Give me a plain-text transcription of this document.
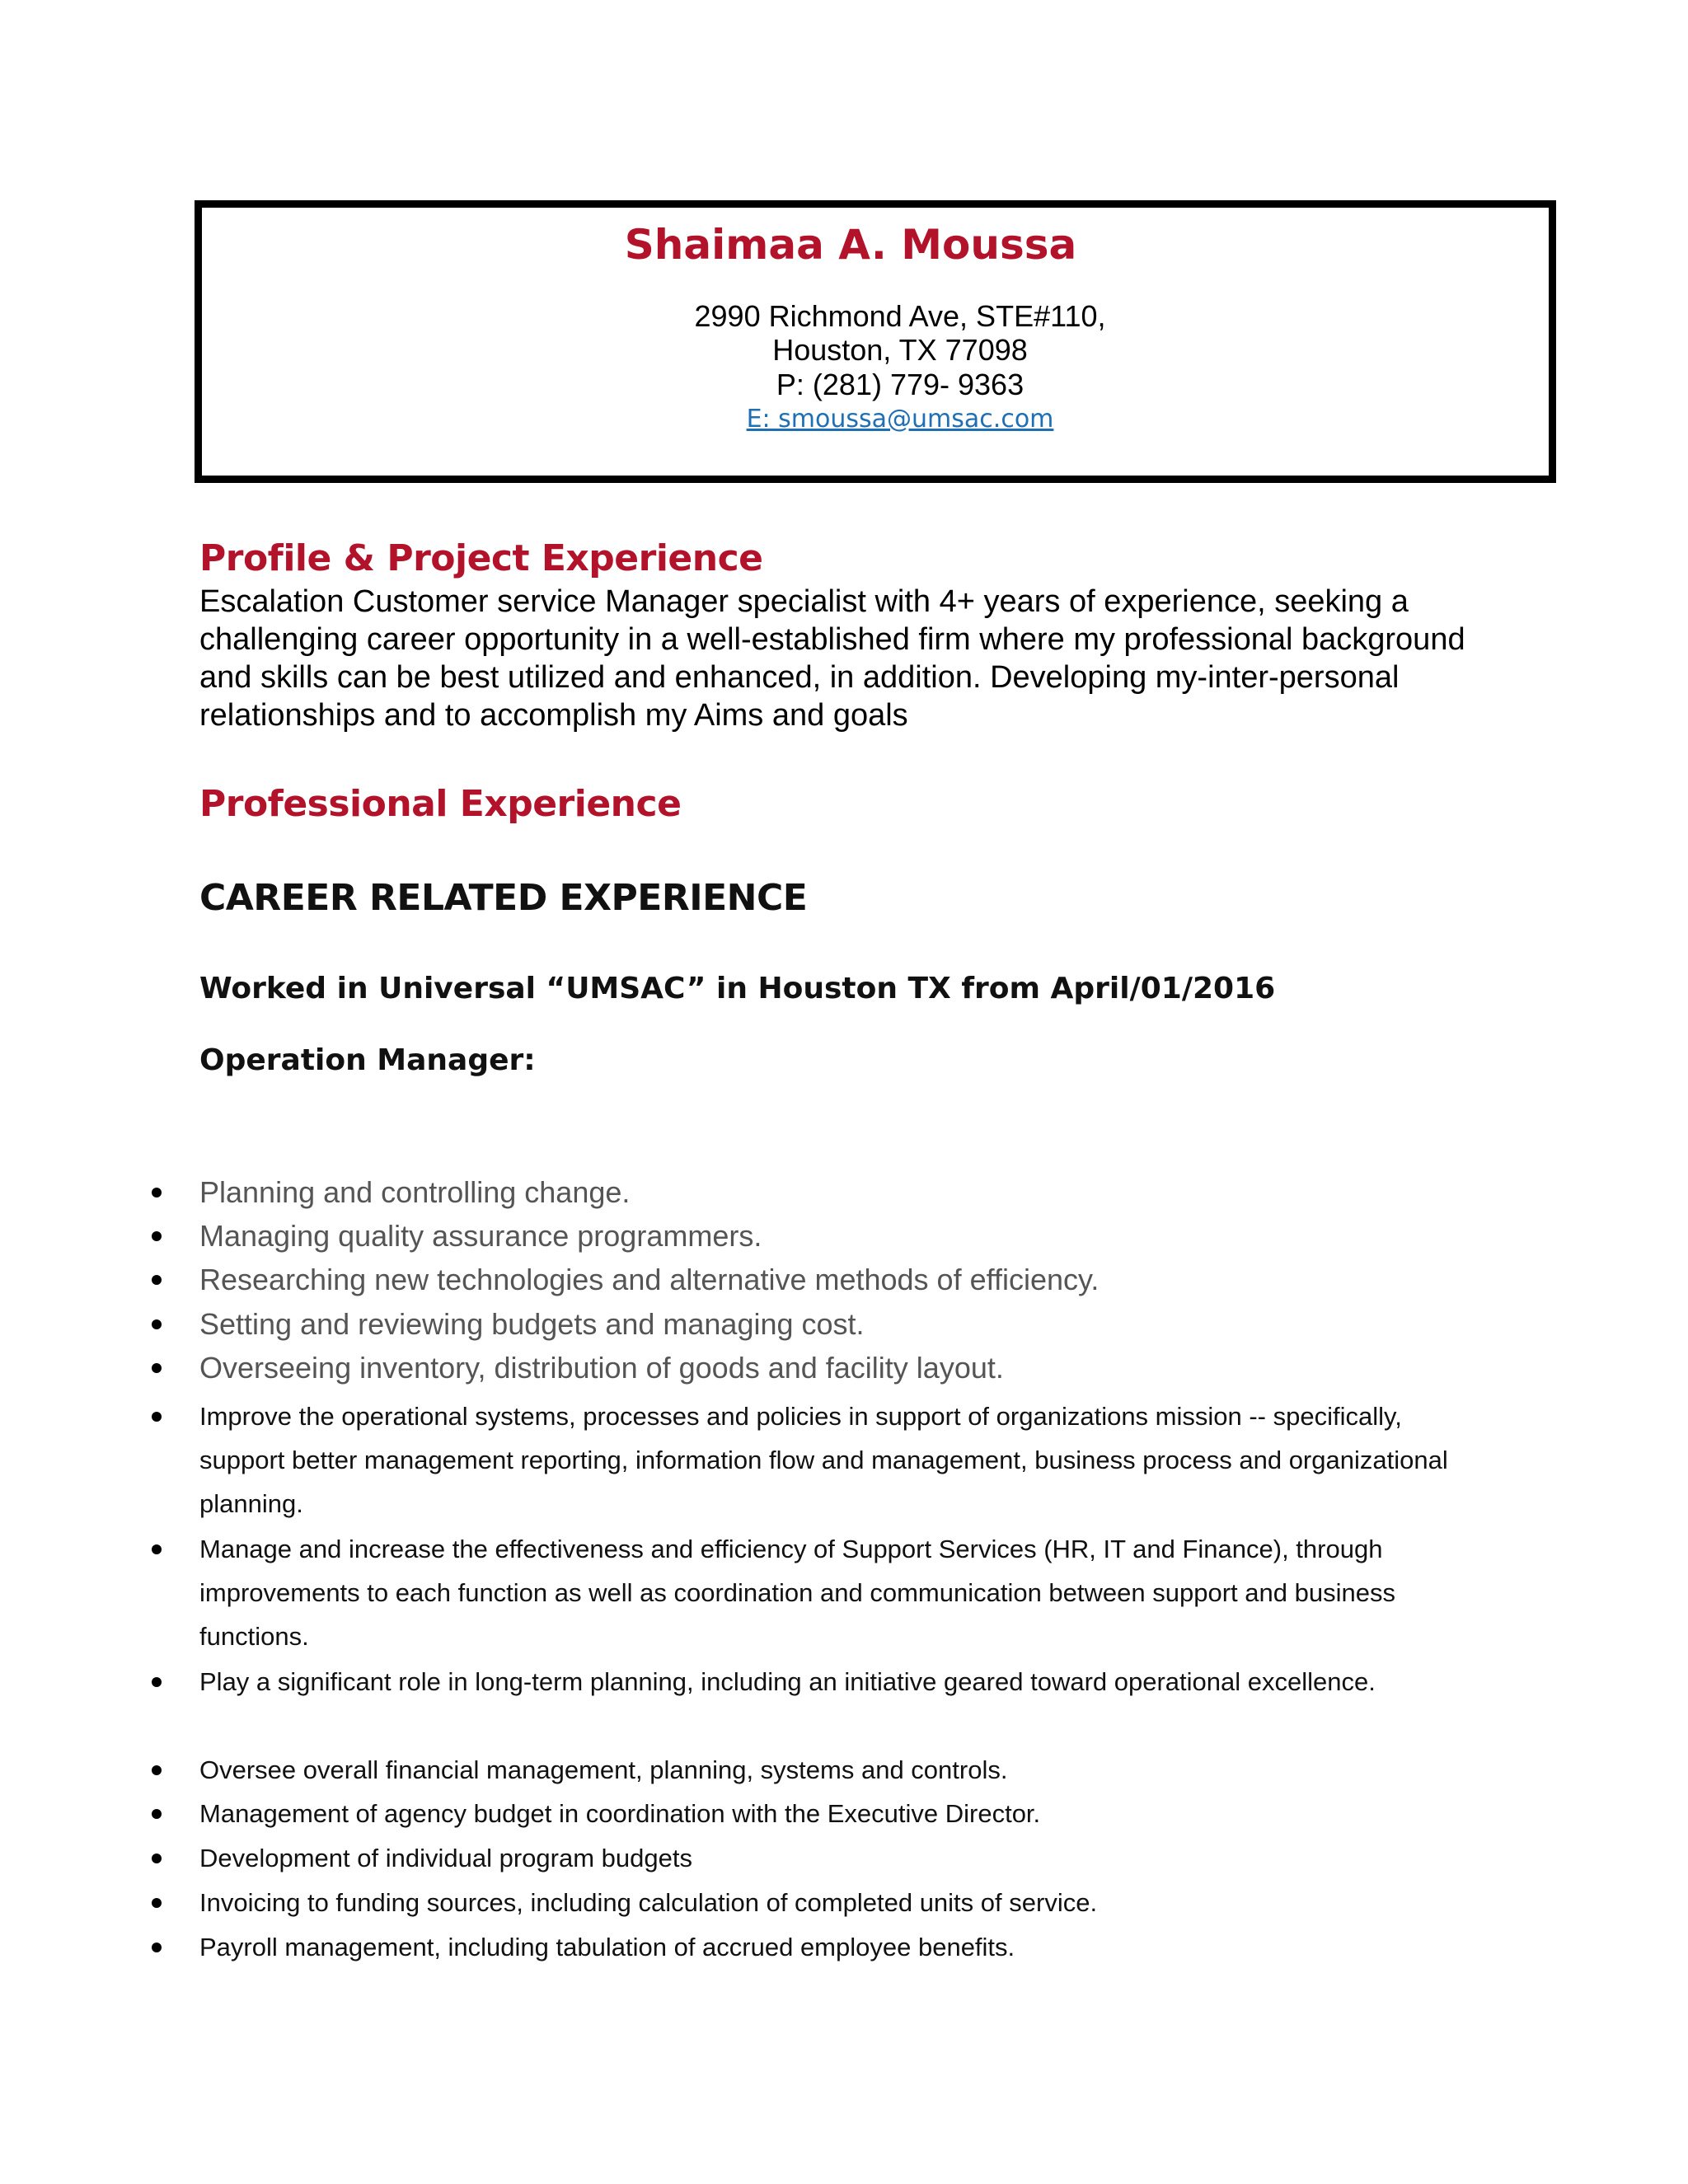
Shaimaa A. Moussa
2990 Richmond Ave, STE#110,
Houston, TX 77098
P: (281) 779- 9363
E: smoussa@umsac.com
Profile & Project Experience

Escalation Customer service Manager specialist with 4+ years of experience, seeking a challenging career opportunity in a well-established firm where my professional background and skills can be best utilized and enhanced, in addition. Developing my-inter-personal relationships and to accomplish my Aims and goals

Professional Experience
CAREER RELATED EXPERIENCE
Worked in Universal “UMSAC” in Houston TX from April/01/2016
Operation Manager:

Planning and controlling change.

Managing quality assurance programmers.

Researching new technologies and alternative methods of efficiency.

Setting and reviewing budgets and managing cost.

Overseeing inventory, distribution of goods and facility layout.

Improve the operational systems, processes and policies in support of organizations mission -- specifically, support better management reporting, information flow and management, business process and organizational planning.

Manage and increase the effectiveness and efficiency of Support Services (HR, IT and Finance), through improvements to each function as well as coordination and communication between support and business functions.

Play a significant role in long-term planning, including an initiative geared toward operational excellence.

Oversee overall financial management, planning, systems and controls.

Management of agency budget in coordination with the Executive Director.

Development of individual program budgets

Invoicing to funding sources, including calculation of completed units of service.

Payroll management, including tabulation of accrued employee benefits.
